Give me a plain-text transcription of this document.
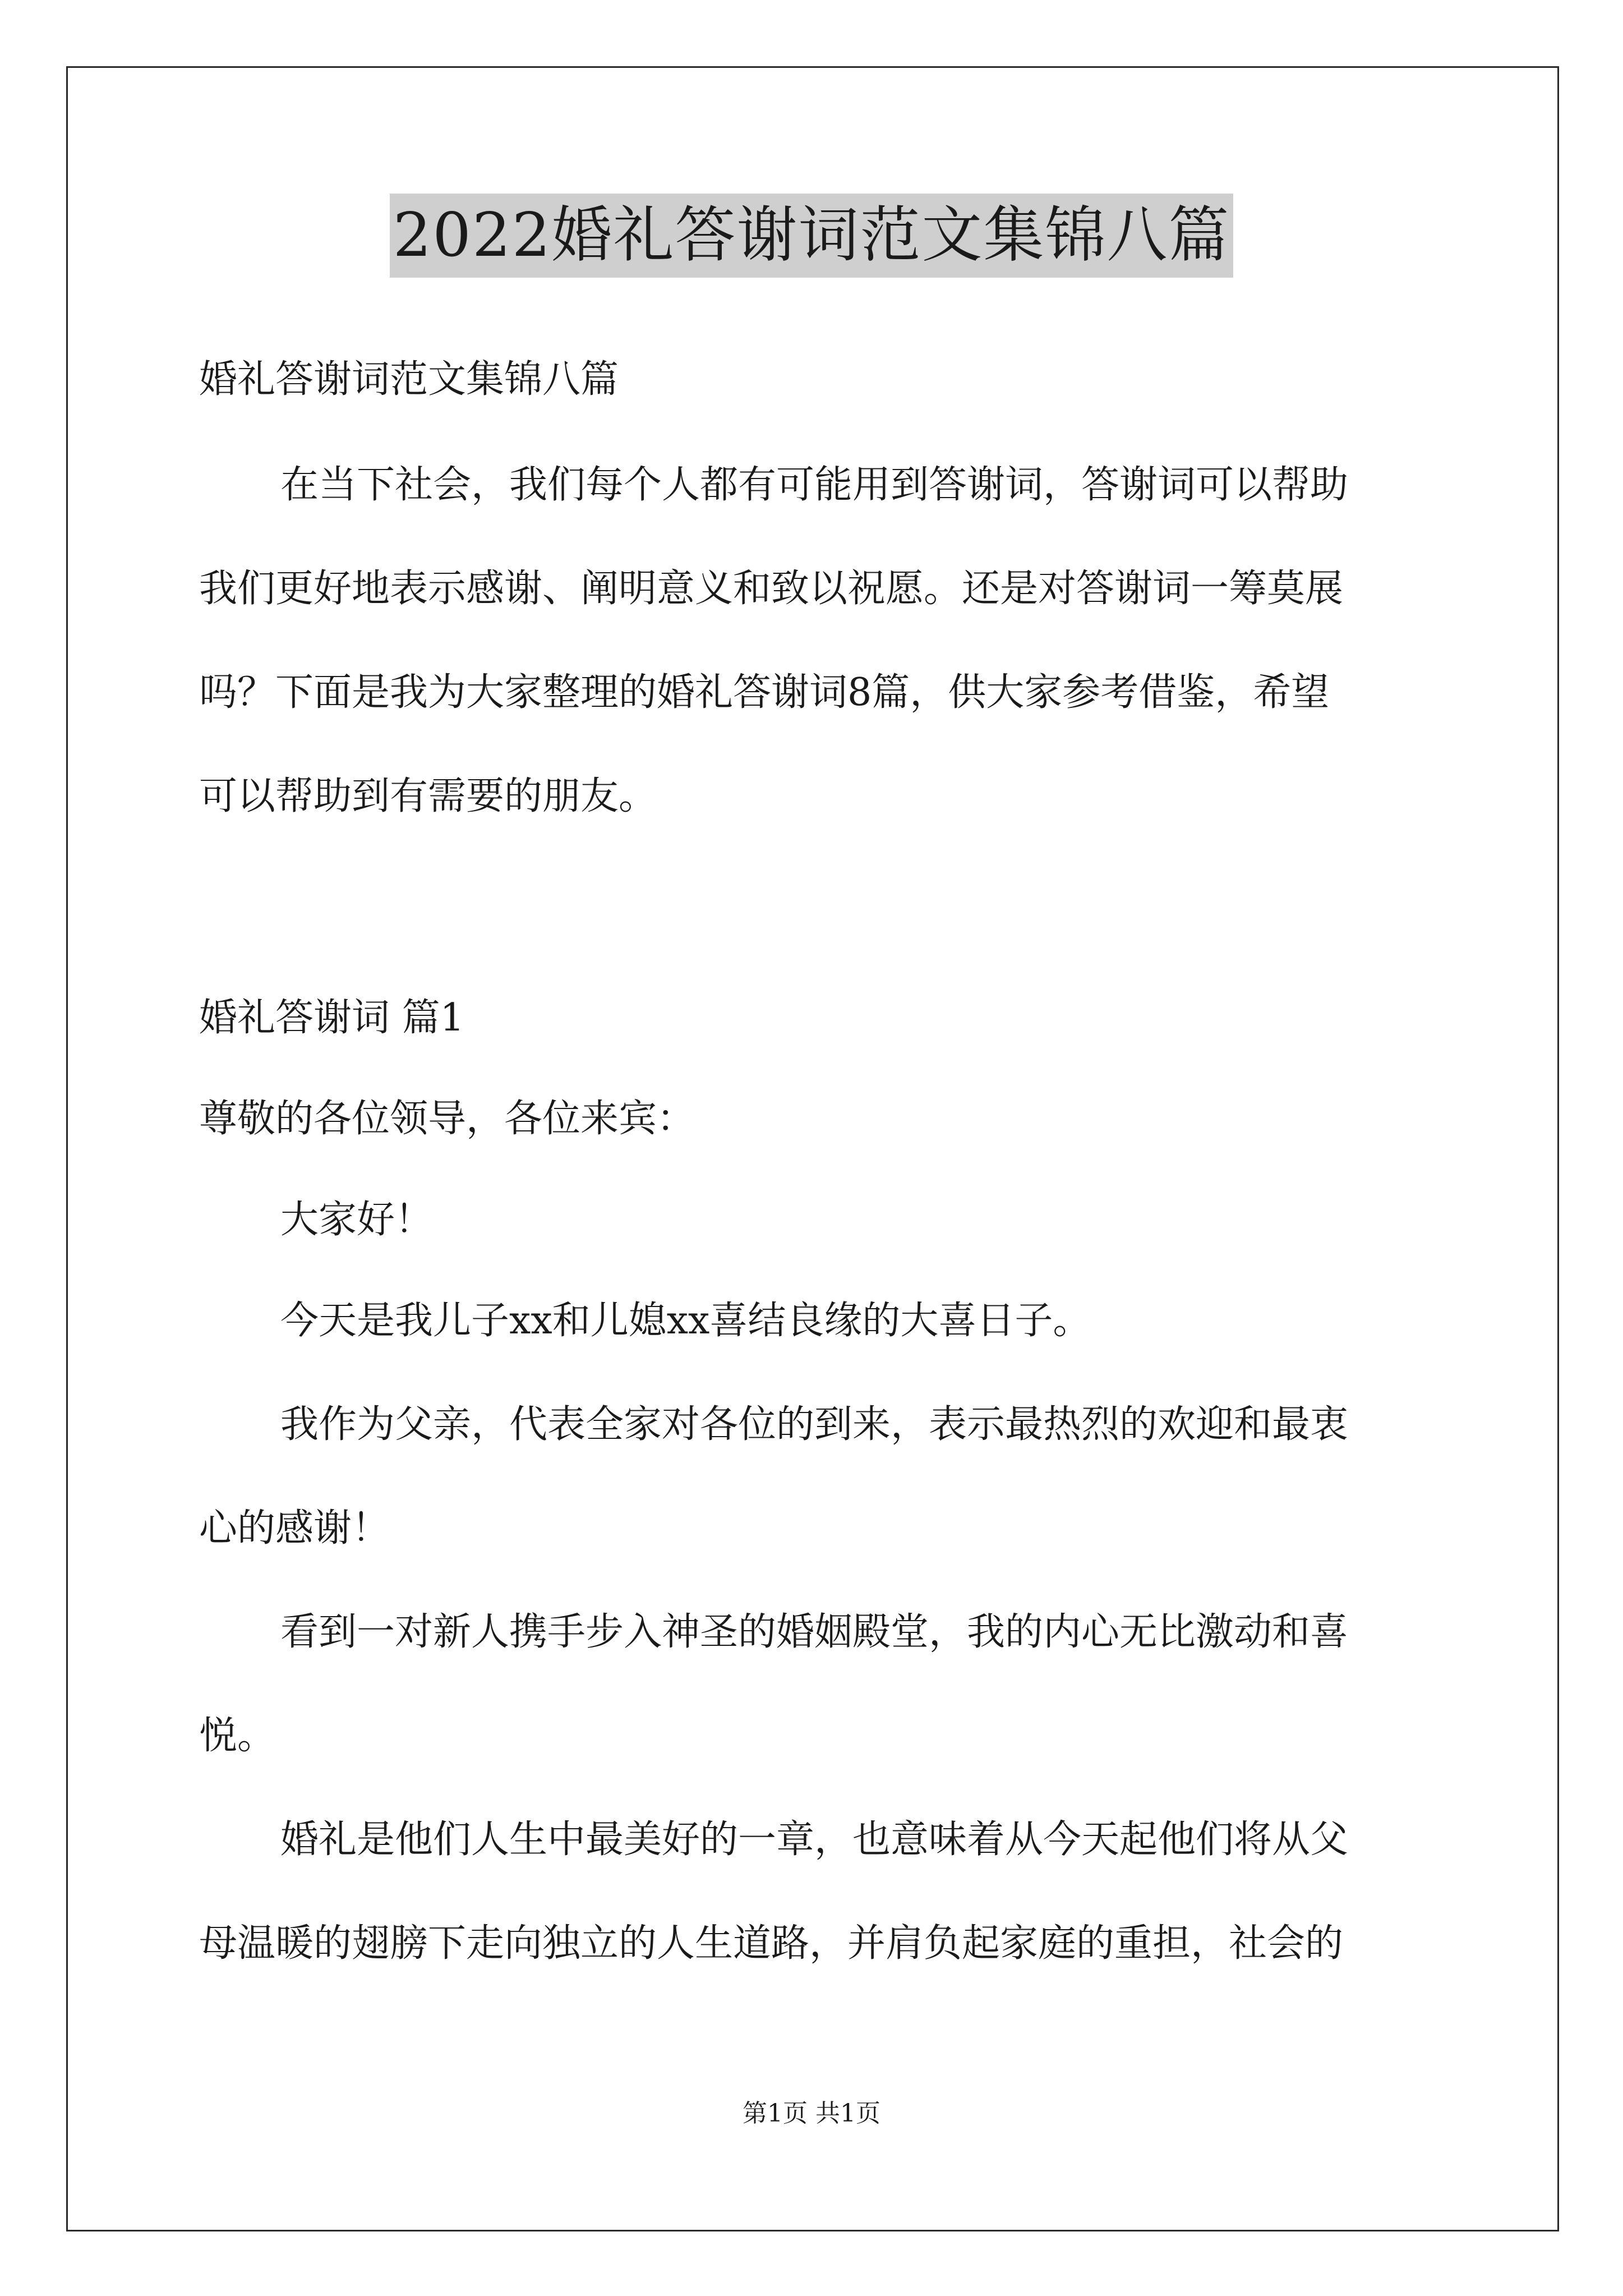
2022婚礼答谢词范文集锦八篇
婚礼答谢词范文集锦八篇
在当下社会，我们每个人都有可能用到答谢词，答谢词可以帮助
我们更好地表示感谢、阐明意义和致以祝愿。还是对答谢词一筹莫展
吗？下面是我为大家整理的婚礼答谢词8篇，供大家参考借鉴，希望
可以帮助到有需要的朋友。
婚礼答谢词 篇1
尊敬的各位领导，各位来宾：
大家好！
今天是我儿子xx和儿媳xx喜结良缘的大喜日子。
我作为父亲，代表全家对各位的到来，表示最热烈的欢迎和最衷
心的感谢！
看到一对新人携手步入神圣的婚姻殿堂，我的内心无比激动和喜
悦。
婚礼是他们人生中最美好的一章，也意味着从今天起他们将从父
母温暖的翅膀下走向独立的人生道路，并肩负起家庭的重担，社会的
第1页 共1页
